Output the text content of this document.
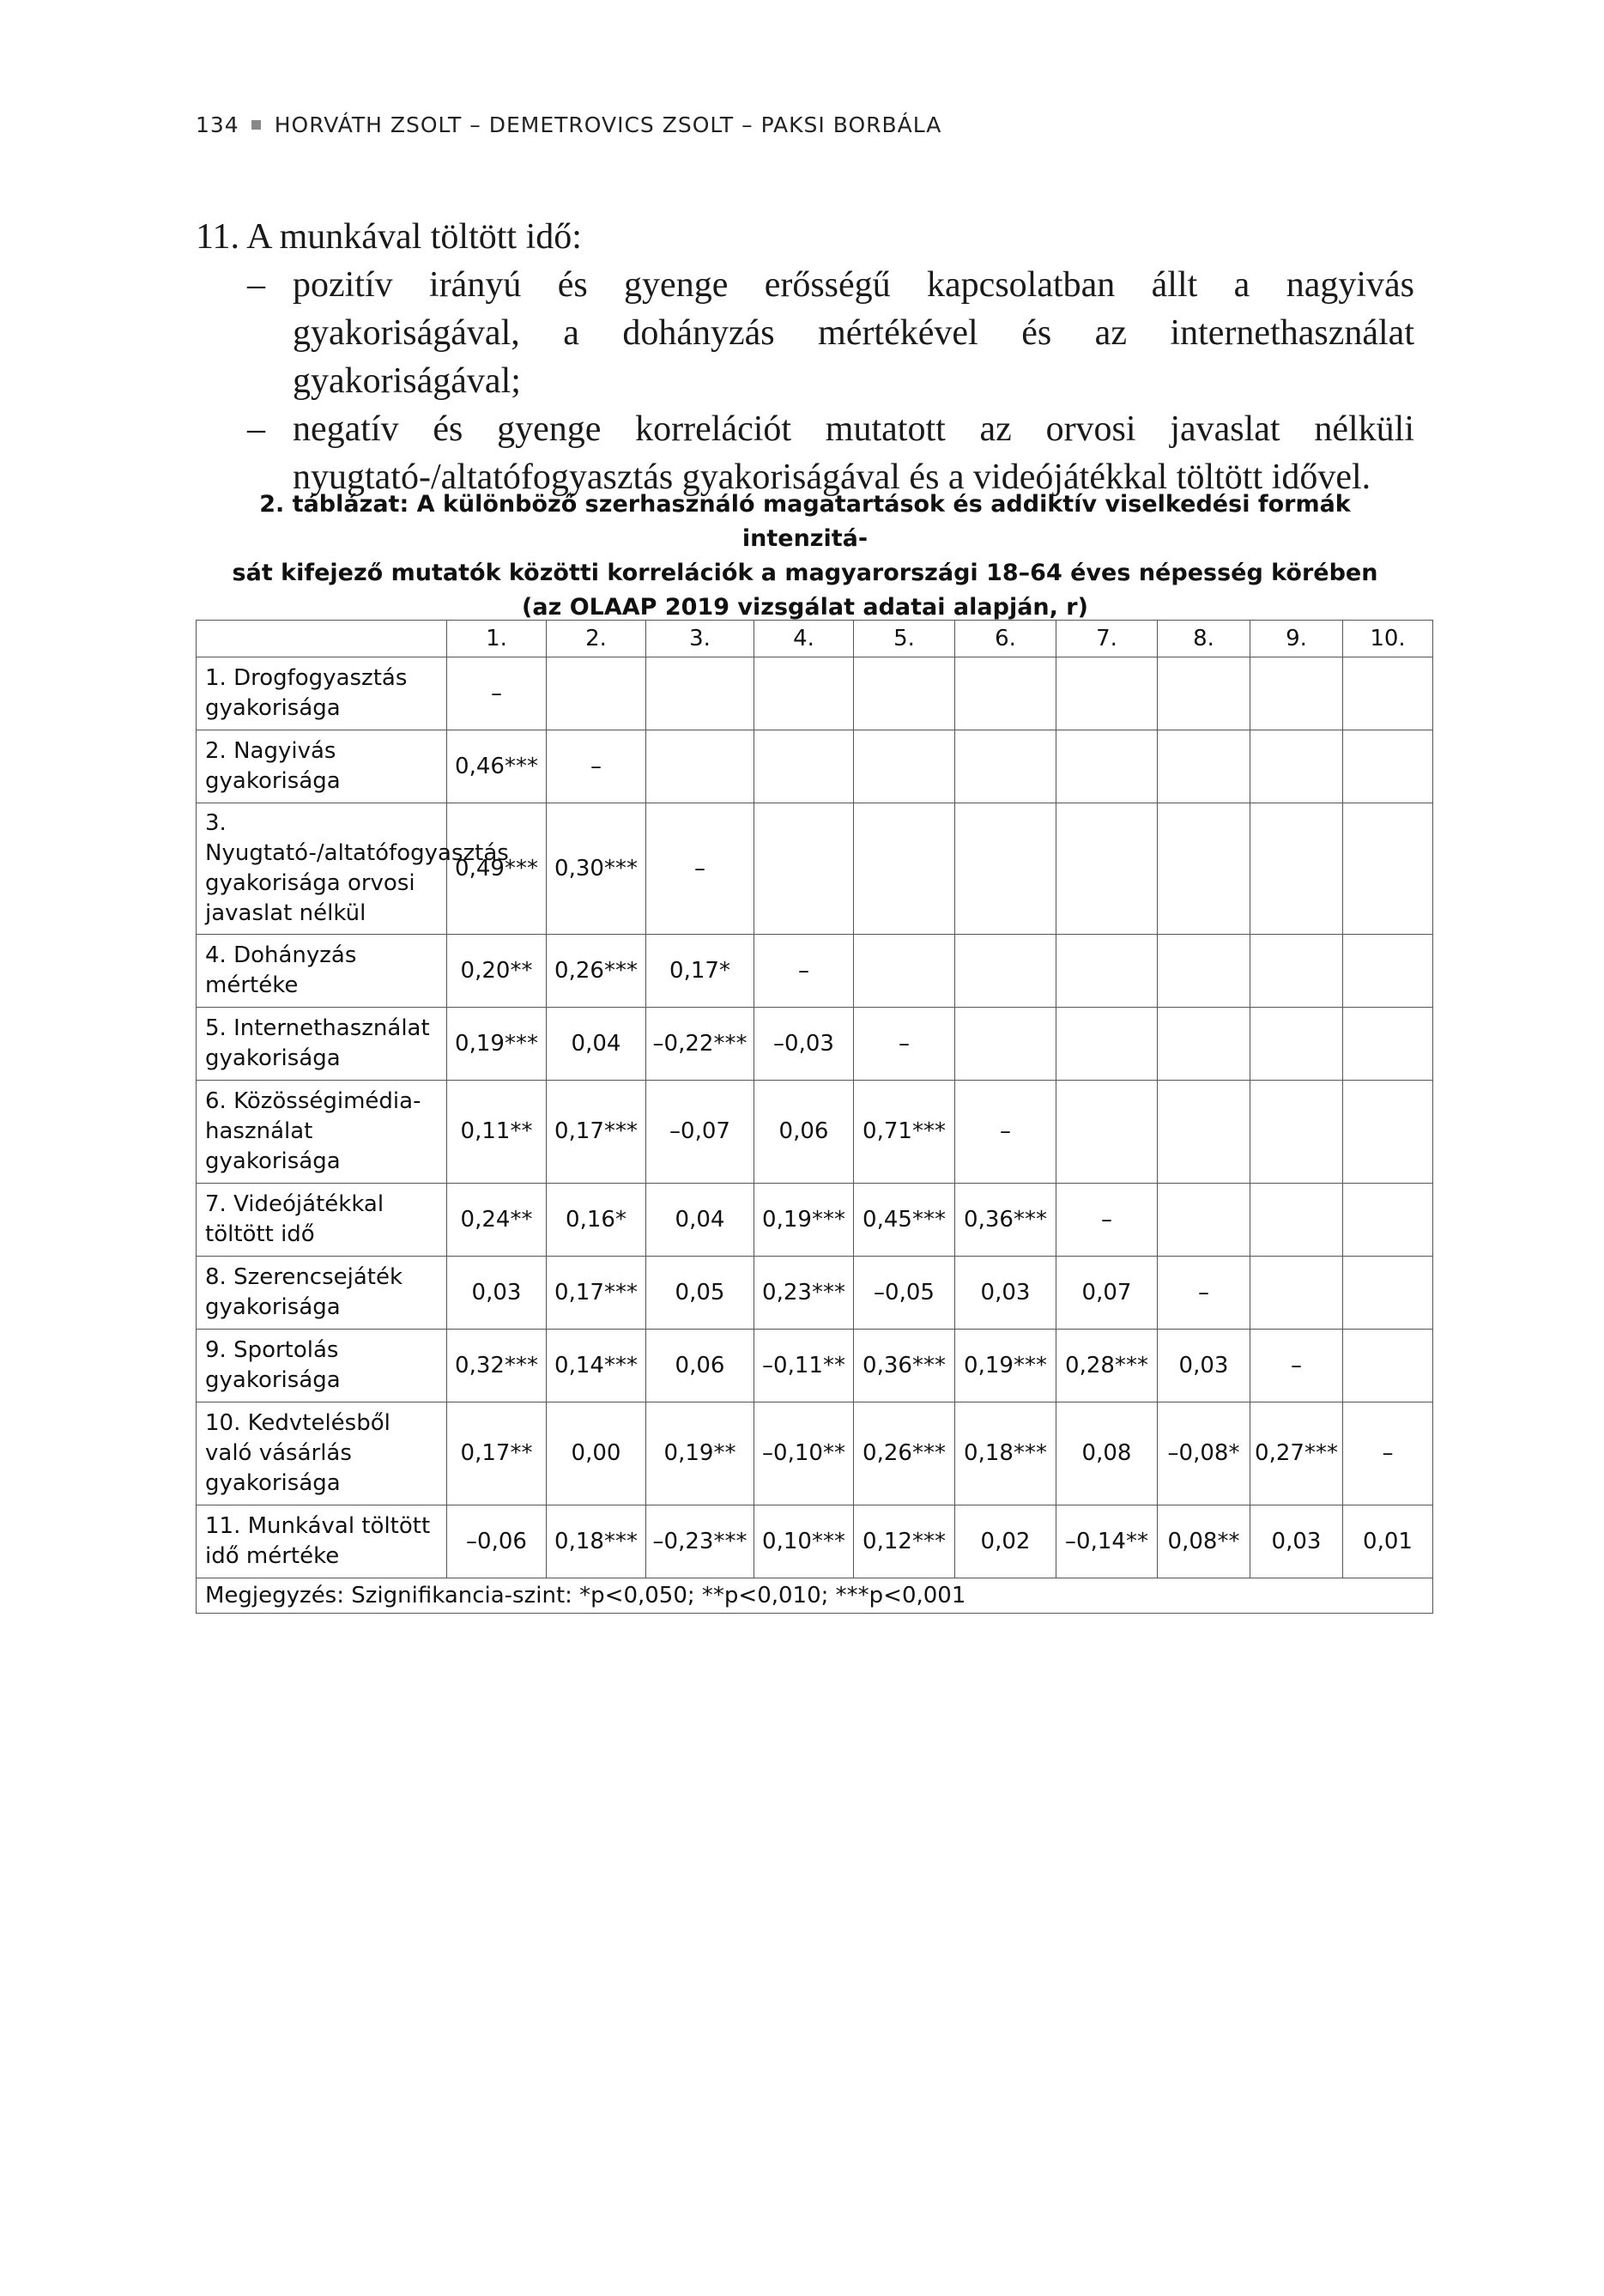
134 HORVÁTH ZSOLT – DEMETROVICS ZSOLT – PAKSI BORBÁLA
11. A munkával töltött idő:
– pozitív irányú és gyenge erősségű kapcsolatban állt a nagyivás gyakoriságával, a dohányzás mértékével és az internethasználat gyakoriságával;
– negatív és gyenge korrelációt mutatott az orvosi javaslat nélküli nyugtató-/altatófogyasztás gyakoriságával és a videójátékkal töltött idővel.
2. táblázat: A különböző szerhasználó magatartások és addiktív viselkedési formák intenzitá-
sát kifejező mutatók közötti korrelációk a magyarországi 18–64 éves népesség körében
(az OLAAP 2019 vizsgálat adatai alapján, r)
	1.	2.	3.	4.	5.	6.	7.	8.	9.	10.
1. Drogfogyasztás gyakorisága	–									
2. Nagyivás gyakorisága	0,46***	–								
3. Nyugtató-/altatófogyasztás gyakorisága orvosi javaslat nélkül	0,49***	0,30***	–							
4. Dohányzás mértéke	0,20**	0,26***	0,17*	–						
5. Internethasználat gyakorisága	0,19***	0,04	–0,22***	–0,03	–					
6. Közösségimédia-használat gyakorisága	0,11**	0,17***	–0,07	0,06	0,71***	–				
7. Videójátékkal töltött idő	0,24**	0,16*	0,04	0,19***	0,45***	0,36***	–			
8. Szerencsejáték gyakorisága	0,03	0,17***	0,05	0,23***	–0,05	0,03	0,07	–		
9. Sportolás gyakorisága	0,32***	0,14***	0,06	–0,11**	0,36***	0,19***	0,28***	0,03	–	
10. Kedvtelésből való vásárlás gyakorisága	0,17**	0,00	0,19**	–0,10**	0,26***	0,18***	0,08	–0,08*	0,27***	–
11. Munkával töltött idő mértéke	–0,06	0,18***	–0,23***	0,10***	0,12***	0,02	–0,14**	0,08**	0,03	0,01
Megjegyzés: Szignifikancia-szint: *p<0,050; **p<0,010; ***p<0,001										
